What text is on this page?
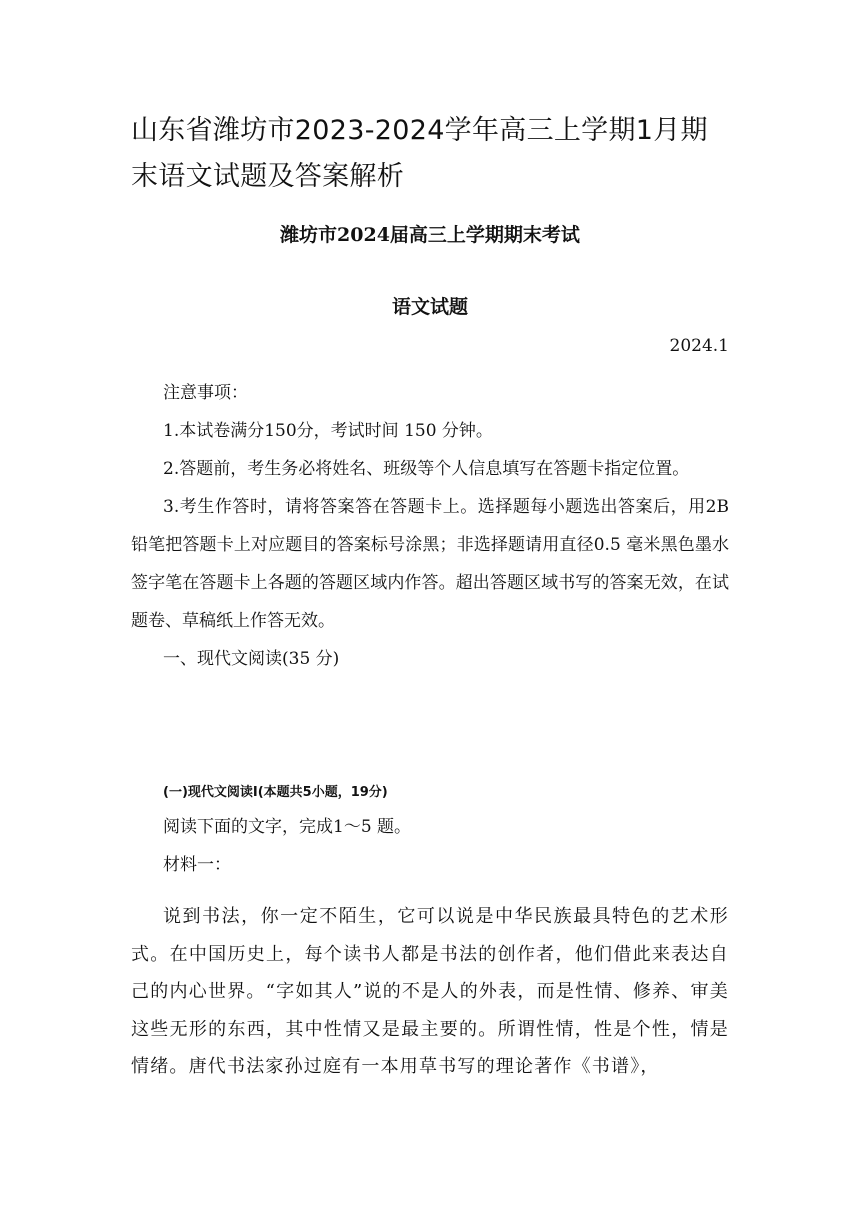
山东省潍坊市2023-2024学年高三上学期1月期末语文试题及答案解析
潍坊市2024届高三上学期期末考试
语文试题
2024.1

注意事项：

1.本试卷满分150分，考试时间 150 分钟。

2.答题前，考生务必将姓名、班级等个人信息填写在答题卡指定位置。

3.考生作答时，请将答案答在答题卡上。选择题每小题选出答案后，用2B 铅笔把答题卡上对应题目的答案标号涂黑；非选择题请用直径0.5 毫米黑色墨水签字笔在答题卡上各题的答题区域内作答。超出答题区域书写的答案无效，在试题卷、草稿纸上作答无效。

一、现代文阅读(35 分)

(一)现代文阅读Ⅰ(本题共5小题，19分)

阅读下面的文字，完成1～5 题。

材料一：

说到书法，你一定不陌生，它可以说是中华民族最具特色的艺术形式。在中国历史上，每个读书人都是书法的创作者，他们借此来表达自己的内心世界。“字如其人”说的不是人的外表，而是性情、修养、审美这些无形的东西，其中性情又是最主要的。所谓性情，性是个性，情是情绪。唐代书法家孙过庭有一本用草书写的理论著作《书谱》，
